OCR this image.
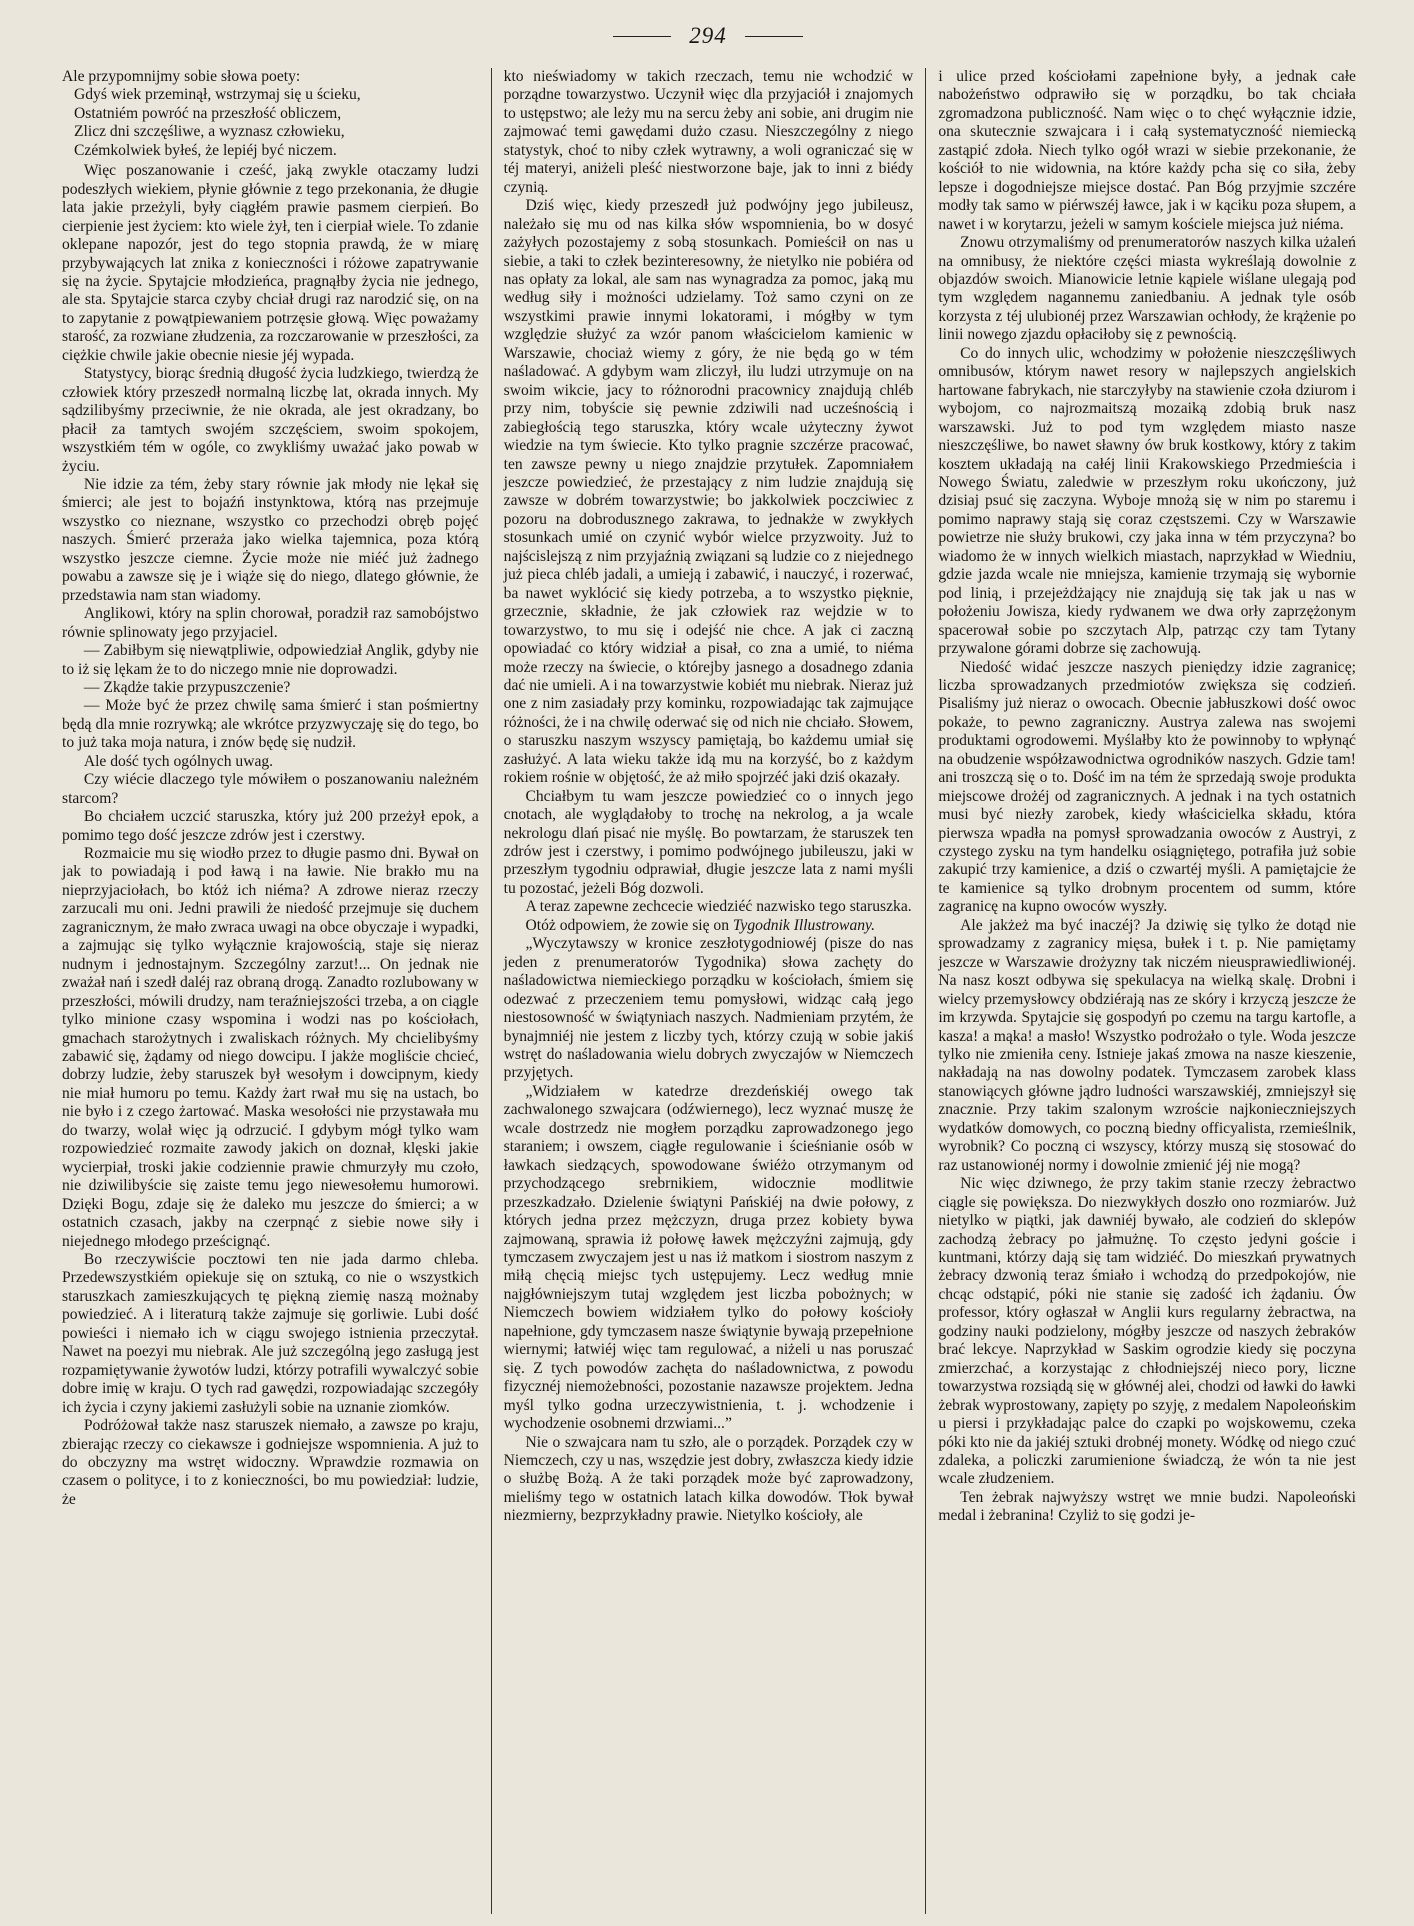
294

Ale przypomnijmy sobie słowa poety:

Gdyś wiek przeminął, wstrzymaj się u ścieku,
Ostatniém powróć na przeszłość obliczem,
Zlicz dni szczęśliwe, a wyznasz człowieku,
Czémkolwiek byłeś, że lepiéj być niczem.

Więc poszanowanie i cześć, jaką zwykle otaczamy ludzi podeszłych wiekiem, płynie głównie z tego przekonania, że długie lata jakie przeżyli, były ciągłém prawie pasmem cierpień. Bo cierpienie jest życiem: kto wiele żył, ten i cierpiał wiele. To zdanie oklepane napozór, jest do tego stopnia prawdą, że w miarę przybywających lat znika z konieczności i różowe zapatrywanie się na życie. Spytajcie młodzieńca, pragnąłby życia nie jednego, ale sta. Spytajcie starca czyby chciał drugi raz narodzić się, on na to zapytanie z powątpiewaniem potrzęsie głową. Więc poważamy starość, za rozwiane złudzenia, za rozczarowanie w przeszłości, za ciężkie chwile jakie obecnie niesie jéj wypada.

Statystycy, biorąc średnią długość życia ludzkiego, twierdzą że człowiek który przeszedł normalną liczbę lat, okrada innych. My sądzilibyśmy przeciwnie, że nie okrada, ale jest okradzany, bo płacił za tamtych swojém szczęściem, swoim spokojem, wszystkiém tém w ogóle, co zwykliśmy uważać jako powab w życiu.

Nie idzie za tém, żeby stary równie jak młody nie lękał się śmierci; ale jest to bojaźń instynktowa, którą nas przejmuje wszystko co nieznane, wszystko co przechodzi obręb pojęć naszych. Śmierć przeraża jako wielka tajemnica, poza którą wszystko jeszcze ciemne. Życie może nie miéć już żadnego powabu a zawsze się je i wiąże się do niego, dlatego głównie, że przedstawia nam stan wiadomy.

Anglikowi, który na splin chorował, poradził raz samobójstwo równie splinowaty jego przyjaciel.

— Zabiłbym się niewątpliwie, odpowiedział Anglik, gdyby nie to iż się lękam że to do niczego mnie nie doprowadzi.

— Zkądże takie przypuszczenie?

— Może być że przez chwilę sama śmierć i stan pośmiertny będą dla mnie rozrywką; ale wkrótce przyzwyczaję się do tego, bo to już taka moja natura, i znów będę się nudził.

Ale dość tych ogólnych uwag.

Czy wiécie dlaczego tyle mówiłem o poszanowaniu należném starcom?

Bo chciałem uczcić staruszka, który już 200 przeżył epok, a pomimo tego dość jeszcze zdrów jest i czerstwy.

Rozmaicie mu się wiodło przez to długie pasmo dni. Bywał on jak to powiadają i pod ławą i na ławie. Nie brakło mu na nieprzyjaciołach, bo któż ich niéma? A zdrowe nieraz rzeczy zarzucali mu oni. Jedni prawili że niedość przejmuje się duchem zagranicznym, że mało zwraca uwagi na obce obyczaje i wypadki, a zajmując się tylko wyłącznie krajowością, staje się nieraz nudnym i jednostajnym. Szczególny zarzut!... On jednak nie zważał nań i szedł daléj raz obraną drogą. Zanadto rozlubowany w przeszłości, mówili drudzy, nam teraźniejszości trzeba, a on ciągle tylko minione czasy wspomina i wodzi nas po kościołach, gmachach starożytnych i zwaliskach różnych. My chcielibyśmy zabawić się, żądamy od niego dowcipu. I jakże mogliście chcieć, dobrzy ludzie, żeby staruszek był wesołym i dowcipnym, kiedy nie miał humoru po temu. Każdy żart rwał mu się na ustach, bo nie było i z czego żartować. Maska wesołości nie przystawała mu do twarzy, wolał więc ją odrzucić. I gdybym mógł tylko wam rozpowiedzieć rozmaite zawody jakich on doznał, klęski jakie wycierpiał, troski jakie codziennie prawie chmurzyły mu czoło, nie dziwilibyście się zaiste temu jego niewesołemu humorowi. Dzięki Bogu, zdaje się że daleko mu jeszcze do śmierci; a w ostatnich czasach, jakby na czerpnąć z siebie nowe siły i niejednego młodego prześcignąć.

Bo rzeczywiście pocztowi ten nie jada darmo chleba. Przedewszystkiém opiekuje się on sztuką, co nie o wszystkich staruszkach zamieszkujących tę piękną ziemię naszą możnaby powiedzieć. A i literaturą także zajmuje się gorliwie. Lubi dość powieści i niemało ich w ciągu swojego istnienia przeczytał. Nawet na poezyi mu niebrak. Ale już szczególną jego zasługą jest rozpamiętywanie żywotów ludzi, którzy potrafili wywalczyć sobie dobre imię w kraju. O tych rad gawędzi, rozpowiadając szczegóły ich życia i czyny jakiemi zasłużyli sobie na uznanie ziomków.

Podróżował także nasz staruszek niemało, a zawsze po kraju, zbierając rzeczy co ciekawsze i godniejsze wspomnienia. A już to do obczyzny ma wstręt widoczny. Wprawdzie rozmawia on czasem o polityce, i to z konieczności, bo mu powiedział: ludzie, że

kto nieświadomy w takich rzeczach, temu nie wchodzić w porządne towarzystwo. Uczynił więc dla przyjaciół i znajomych to ustępstwo; ale leży mu na sercu żeby ani sobie, ani drugim nie zajmować temi gawędami dużo czasu. Nieszczególny z niego statystyk, choć to niby człek wytrawny, a woli ograniczać się w téj materyi, aniżeli pleść niestworzone baje, jak to inni z biédy czynią.

Dziś więc, kiedy przeszedł już podwójny jego jubileusz, należało się mu od nas kilka słów wspomnienia, bo w dosyć zażyłych pozostajemy z sobą stosunkach. Pomieścił on nas u siebie, a taki to człek bezinteresowny, że nietylko nie pobiéra od nas opłaty za lokal, ale sam nas wynagradza za pomoc, jaką mu według siły i możności udzielamy. Toż samo czyni on ze wszystkimi prawie innymi lokatorami, i mógłby w tym względzie służyć za wzór panom właścicielom kamienic w Warszawie, chociaż wiemy z góry, że nie będą go w tém naśladować. A gdybym wam zliczył, ilu ludzi utrzymuje on na swoim wikcie, jacy to różnorodni pracownicy znajdują chléb przy nim, tobyście się pewnie zdziwili nad ucześnością i zabiegłością tego staruszka, który wcale użyteczny żywot wiedzie na tym świecie. Kto tylko pragnie szczérze pracować, ten zawsze pewny u niego znajdzie przytułek. Zapomniałem jeszcze powiedzieć, że przestający z nim ludzie znajdują się zawsze w dobrém towarzystwie; bo jakkolwiek poczciwiec z pozoru na dobrodusznego zakrawa, to jednakże w zwykłych stosunkach umié on czynić wybór wielce przyzwoity. Już to najścislejszą z nim przyjaźnią związani są ludzie co z niejednego już pieca chléb jadali, a umieją i zabawić, i nauczyć, i rozerwać, ba nawet wyklócić się kiedy potrzeba, a to wszystko pięknie, grzecznie, składnie, że jak człowiek raz wejdzie w to towarzystwo, to mu się i odejść nie chce. A jak ci zaczną opowiadać co który widział a pisał, co zna a umié, to niéma może rzeczy na świecie, o którejby jasnego a dosadnego zdania dać nie umieli. A i na towarzystwie kobiét mu niebrak. Nieraz już one z nim zasiadały przy kominku, rozpowiadając tak zajmujące różności, że i na chwilę oderwać się od nich nie chciało. Słowem, o staruszku naszym wszyscy pamiętają, bo każdemu umiał się zasłużyć. A lata wieku także idą mu na korzyść, bo z każdym rokiem rośnie w objętość, że aż miło spojrzéć jaki dziś okazały.

Chciałbym tu wam jeszcze powiedzieć co o innych jego cnotach, ale wyglądałoby to trochę na nekrolog, a ja wcale nekrologu dlań pisać nie myślę. Bo powtarzam, że staruszek ten zdrów jest i czerstwy, i pomimo podwójnego jubileuszu, jaki w przeszłym tygodniu odprawiał, długie jeszcze lata z nami myśli tu pozostać, jeżeli Bóg dozwoli.

A teraz zapewne zechcecie wiedziéć nazwisko tego staruszka.

Otóż odpowiem, że zowie się on Tygodnik Illustrowany.

„Wyczytawszy w kronice zeszłotygodniowéj (pisze do nas jeden z prenumeratorów Tygodnika) słowa zachęty do naśladowictwa niemieckiego porządku w kościołach, śmiem się odezwać z przeczeniem temu pomysłowi, widząc całą jego niestosowność w świątyniach naszych. Nadmieniam przytém, że bynajmniéj nie jestem z liczby tych, którzy czują w sobie jakiś wstręt do naśladowania wielu dobrych zwyczajów w Niemczech przyjętych.

„Widziałem w katedrze drezdeńskiéj owego tak zachwalonego szwajcara (odźwiernego), lecz wyznać muszę że wcale dostrzedz nie mogłem porządku zaprowadzonego jego staraniem; i owszem, ciągłe regulowanie i ścieśnianie osób w ławkach siedzących, spowodowane świéżo otrzymanym od przychodzącego srebrnikiem, widocznie modlitwie przeszkadzało. Dzielenie świątyni Pańskiéj na dwie połowy, z których jedna przez mężczyzn, druga przez kobiety bywa zajmowaną, sprawia iż połowę ławek mężczyźni zajmują, gdy tymczasem zwyczajem jest u nas iż matkom i siostrom naszym z miłą chęcią miejsc tych ustępujemy. Lecz według mnie najgłówniejszym tutaj względem jest liczba pobożnych; w Niemczech bowiem widziałem tylko do połowy kościoły napełnione, gdy tymczasem nasze świątynie bywają przepełnione wiernymi; łatwiéj więc tam regulować, a niżeli u nas poruszać się. Z tych powodów zachęta do naśladownictwa, z powodu fizycznéj niemożebności, pozostanie nazawsze projektem. Jedna myśl tylko godna urzeczywistnienia, t. j. wchodzenie i wychodzenie osobnemi drzwiami...”

Nie o szwajcara nam tu szło, ale o porządek. Porządek czy w Niemczech, czy u nas, wszędzie jest dobry, zwłaszcza kiedy idzie o służbę Bożą. A że taki porządek może być zaprowadzony, mieliśmy tego w ostatnich latach kilka dowodów. Tłok bywał niezmierny, bezprzykładny prawie. Nietylko kościoły, ale

i ulice przed kościołami zapełnione były, a jednak całe nabożeństwo odprawiło się w porządku, bo tak chciała zgromadzona publiczność. Nam więc o to chęć wyłącznie idzie, ona skutecznie szwajcara i i całą systematyczność niemiecką zastąpić zdoła. Niech tylko ogół wrazi w siebie przekonanie, że kościół to nie widownia, na które każdy pcha się co siła, żeby lepsze i dogodniejsze miejsce dostać. Pan Bóg przyjmie szczére modły tak samo w piérwszéj ławce, jak i w kąciku poza słupem, a nawet i w korytarzu, jeżeli w samym kościele miejsca już niéma.

Znowu otrzymaliśmy od prenumeratorów naszych kilka użaleń na omnibusy, że niektóre części miasta wykreślają dowolnie z objazdów swoich. Mianowicie letnie kąpiele wiślane ulegają pod tym względem nagannemu zaniedbaniu. A jednak tyle osób korzysta z téj ulubionéj przez Warszawian ochłody, że krążenie po linii nowego zjazdu opłaciłoby się z pewnością.

Co do innych ulic, wchodzimy w położenie nieszczęśliwych omnibusów, którym nawet resory w najlepszych angielskich hartowane fabrykach, nie starczyłyby na stawienie czoła dziurom i wybojom, co najrozmaitszą mozaiką zdobią bruk nasz warszawski. Już to pod tym względem miasto nasze nieszczęśliwe, bo nawet sławny ów bruk kostkowy, który z takim kosztem układają na całéj linii Krakowskiego Przedmieścia i Nowego Światu, zaledwie w przeszłym roku ukończony, już dzisiaj psuć się zaczyna. Wyboje mnożą się w nim po staremu i pomimo naprawy stają się coraz częstszemi. Czy w Warszawie powietrze nie służy brukowi, czy jaka inna w tém przyczyna? bo wiadomo że w innych wielkich miastach, naprzykład w Wiedniu, gdzie jazda wcale nie mniejsza, kamienie trzymają się wybornie pod linią, i przejeżdżający nie znajdują się tak jak u nas w położeniu Jowisza, kiedy rydwanem we dwa orły zaprzężonym spacerował sobie po szczytach Alp, patrząc czy tam Tytany przywalone górami dobrze się zachowują.

Niedość widać jeszcze naszych pieniędzy idzie zagranicę; liczba sprowadzanych przedmiotów zwiększa się codzień. Pisaliśmy już nieraz o owocach. Obecnie jabłuszkowi dość owoc pokaże, to pewno zagraniczny. Austrya zalewa nas swojemi produktami ogrodowemi. Myślałby kto że powinnoby to wpłynąć na obudzenie współzawodnictwa ogrodników naszych. Gdzie tam! ani troszczą się o to. Dość im na tém że sprzedają swoje produkta miejscowe drożéj od zagranicznych. A jednak i na tych ostatnich musi być niezły zarobek, kiedy właścicielka składu, która pierwsza wpadła na pomysł sprowadzania owoców z Austryi, z czystego zysku na tym handelku osiągniętego, potrafiła już sobie zakupić trzy kamienice, a dziś o czwartéj myśli. A pamiętajcie że te kamienice są tylko drobnym procentem od summ, które zagranicę na kupno owoców wyszły.

Ale jakżeż ma być inaczéj? Ja dziwię się tylko że dotąd nie sprowadzamy z zagranicy mięsa, bułek i t. p. Nie pamiętamy jeszcze w Warszawie drożyzny tak niczém nieusprawiedliwionéj. Na nasz koszt odbywa się spekulacya na wielką skalę. Drobni i wielcy przemysłowcy obdziérają nas ze skóry i krzyczą jeszcze że im krzywda. Spytajcie się gospodyń po czemu na targu kartofle, a kasza! a mąka! a masło! Wszystko podrożało o tyle. Woda jeszcze tylko nie zmieniła ceny. Istnieje jakaś zmowa na nasze kieszenie, nakładają na nas dowolny podatek. Tymczasem zarobek klass stanowiących główne jądro ludności warszawskiéj, zmniejszył się znacznie. Przy takim szalonym wzroście najkonieczniejszych wydatków domowych, co poczną biedny officyalista, rzemieślnik, wyrobnik? Co poczną ci wszyscy, którzy muszą się stosować do raz ustanowionéj normy i dowolnie zmienić jéj nie mogą?

Nic więc dziwnego, że przy takim stanie rzeczy żebractwo ciągle się powiększa. Do niezwykłych doszło ono rozmiarów. Już nietylko w piątki, jak dawniéj bywało, ale codzień do sklepów zachodzą żebracy po jałmużnę. To często jedyni goście i kuntmani, którzy dają się tam widziéć. Do mieszkań prywatnych żebracy dzwonią teraz śmiało i wchodzą do przedpokojów, nie chcąc odstąpić, póki nie stanie się zadość ich żądaniu. Ów professor, który ogłaszał w Anglii kurs regularny żebractwa, na godziny nauki podzielony, mógłby jeszcze od naszych żebraków brać lekcye. Naprzykład w Saskim ogrodzie kiedy się poczyna zmierzchać, a korzystając z chłodniejszéj nieco pory, liczne towarzystwa rozsiądą się w głównéj alei, chodzi od ławki do ławki żebrak wyprostowany, zapięty po szyję, z medalem Napoleońskim u piersi i przykładając palce do czapki po wojskowemu, czeka póki kto nie da jakiéj sztuki drobnéj monety. Wódkę od niego czuć zdaleka, a policzki zarumienione świadczą, że wón ta nie jest wcale złudzeniem.

Ten żebrak najwyższy wstręt we mnie budzi. Napoleoński medal i żebranina! Czyliż to się godzi je-
